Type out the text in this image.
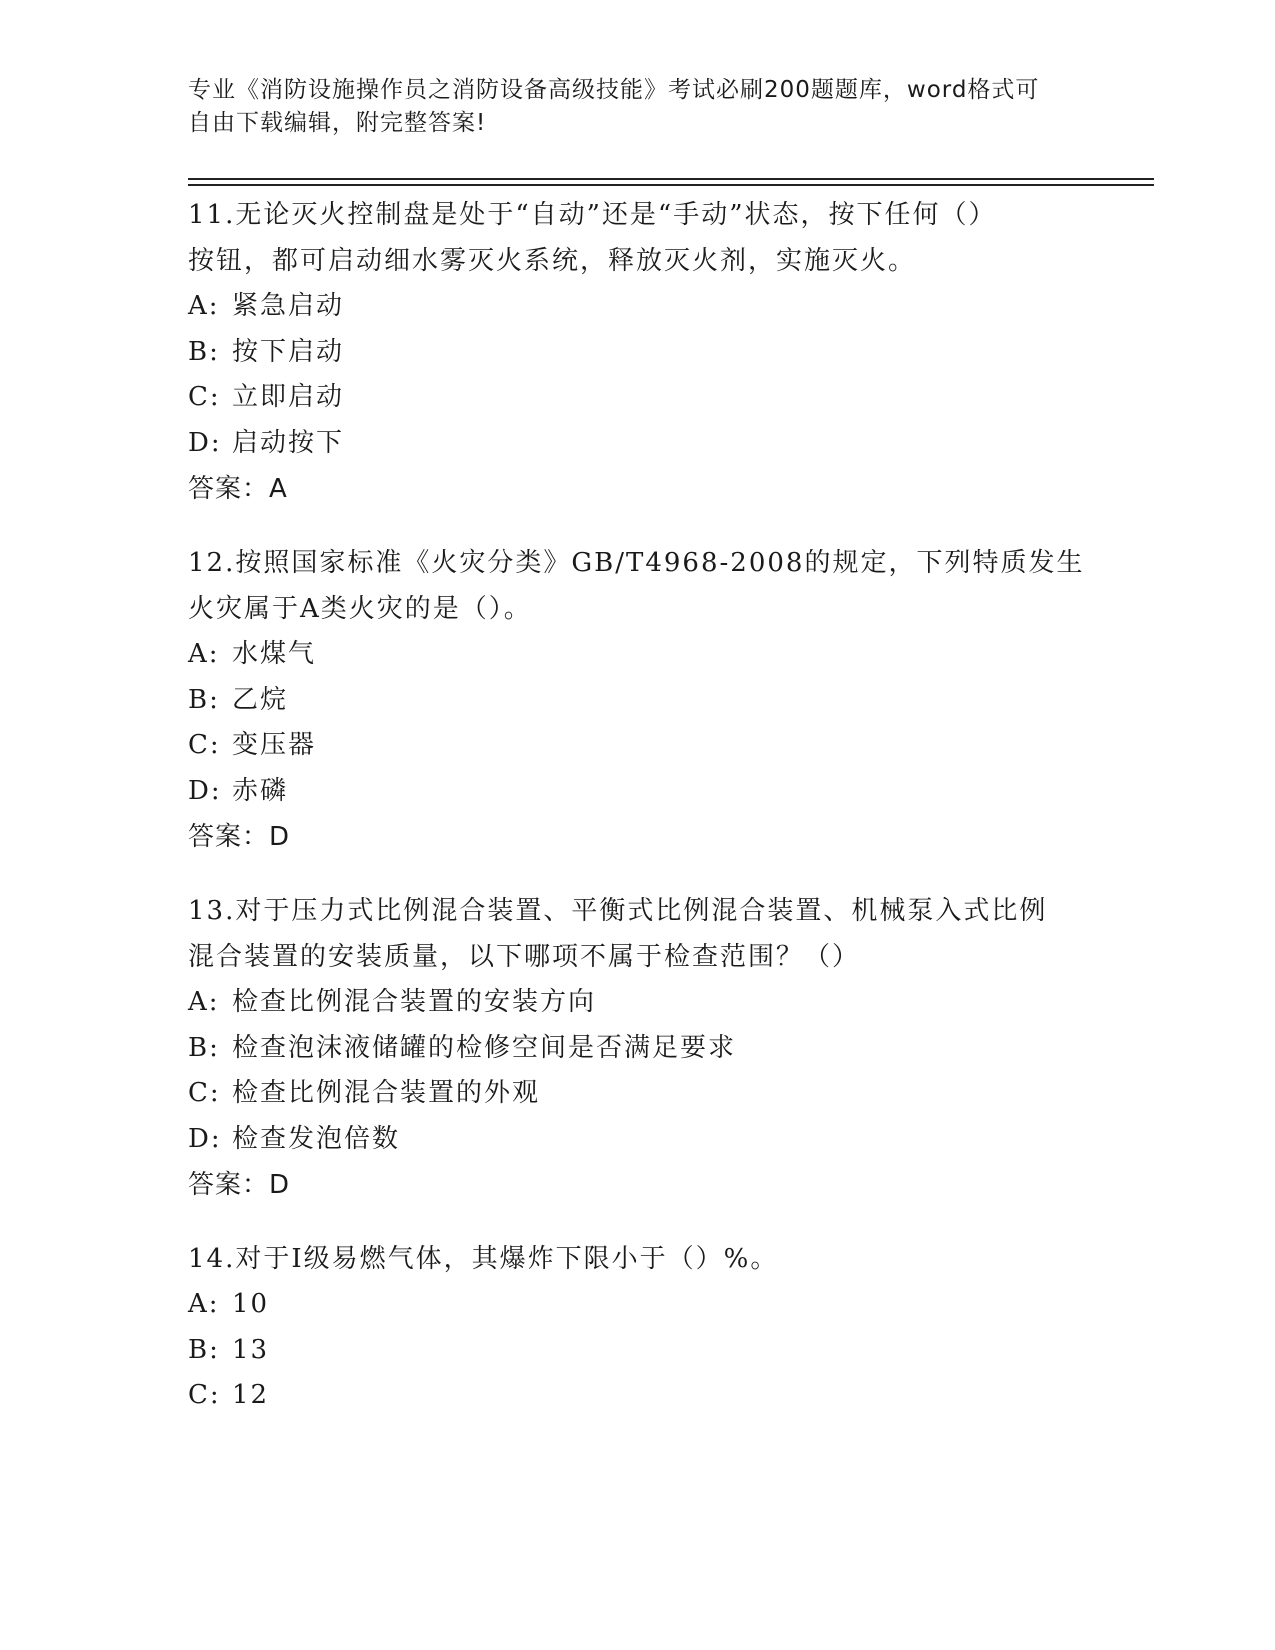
专业《消防设施操作员之消防设备高级技能》考试必刷200题题库，word格式可
自由下载编辑，附完整答案!

11.无论灭火控制盘是处于“自动”还是“手动”状态，按下任何（）

按钮，都可启动细水雾灭火系统，释放灭火剂，实施灭火。

A: 紧急启动

B: 按下启动

C: 立即启动

D: 启动按下

答案：A

12.按照国家标准《火灾分类》GB/T4968-2008的规定，下列特质发生

火灾属于A类火灾的是（）。

A: 水煤气

B: 乙烷

C: 变压器

D: 赤磷

答案：D

13.对于压力式比例混合装置、平衡式比例混合装置、机械泵入式比例

混合装置的安装质量，以下哪项不属于检查范围？（）

A: 检查比例混合装置的安装方向

B: 检查泡沫液储罐的检修空间是否满足要求

C: 检查比例混合装置的外观

D: 检查发泡倍数

答案：D

14.对于Ⅰ级易燃气体，其爆炸下限小于（）%。

A: 10

B: 13

C: 12
